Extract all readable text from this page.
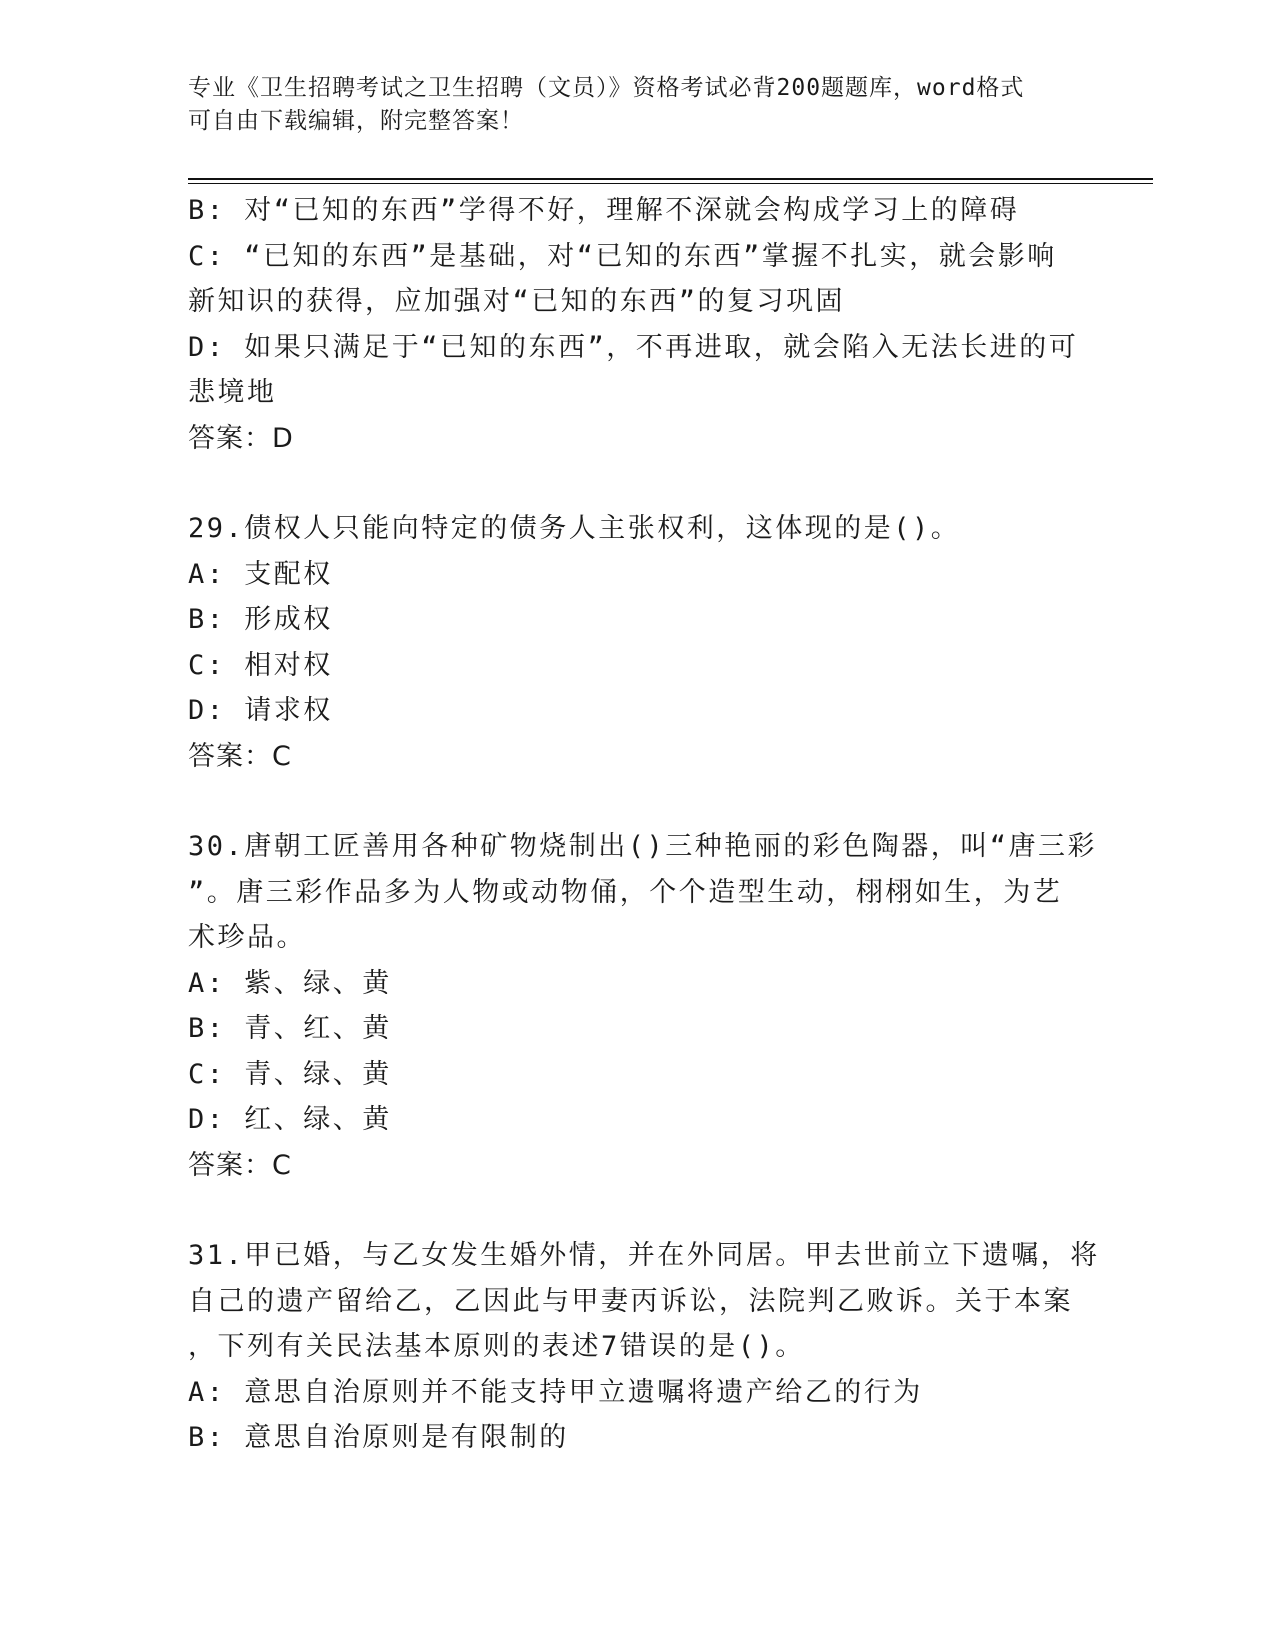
专业《卫生招聘考试之卫生招聘（文员）》资格考试必背200题题库，word格式
可自由下载编辑，附完整答案！
B: 对“已知的东西”学得不好，理解不深就会构成学习上的障碍
C: “已知的东西”是基础，对“已知的东西”掌握不扎实，就会影响
新知识的获得，应加强对“已知的东西”的复习巩固
D: 如果只满足于“已知的东西”，不再进取，就会陷入无法长进的可
悲境地
答案：D
29.债权人只能向特定的债务人主张权利，这体现的是()。
A: 支配权
B: 形成权
C: 相对权
D: 请求权
答案：C
30.唐朝工匠善用各种矿物烧制出()三种艳丽的彩色陶器，叫“唐三彩
”。唐三彩作品多为人物或动物俑，个个造型生动，栩栩如生，为艺
术珍品。
A: 紫、绿、黄
B: 青、红、黄
C: 青、绿、黄
D: 红、绿、黄
答案：C
31.甲已婚，与乙女发生婚外情，并在外同居。甲去世前立下遗嘱，将
自己的遗产留给乙，乙因此与甲妻丙诉讼，法院判乙败诉。关于本案
，下列有关民法基本原则的表述7错误的是()。
A: 意思自治原则并不能支持甲立遗嘱将遗产给乙的行为
B: 意思自治原则是有限制的
